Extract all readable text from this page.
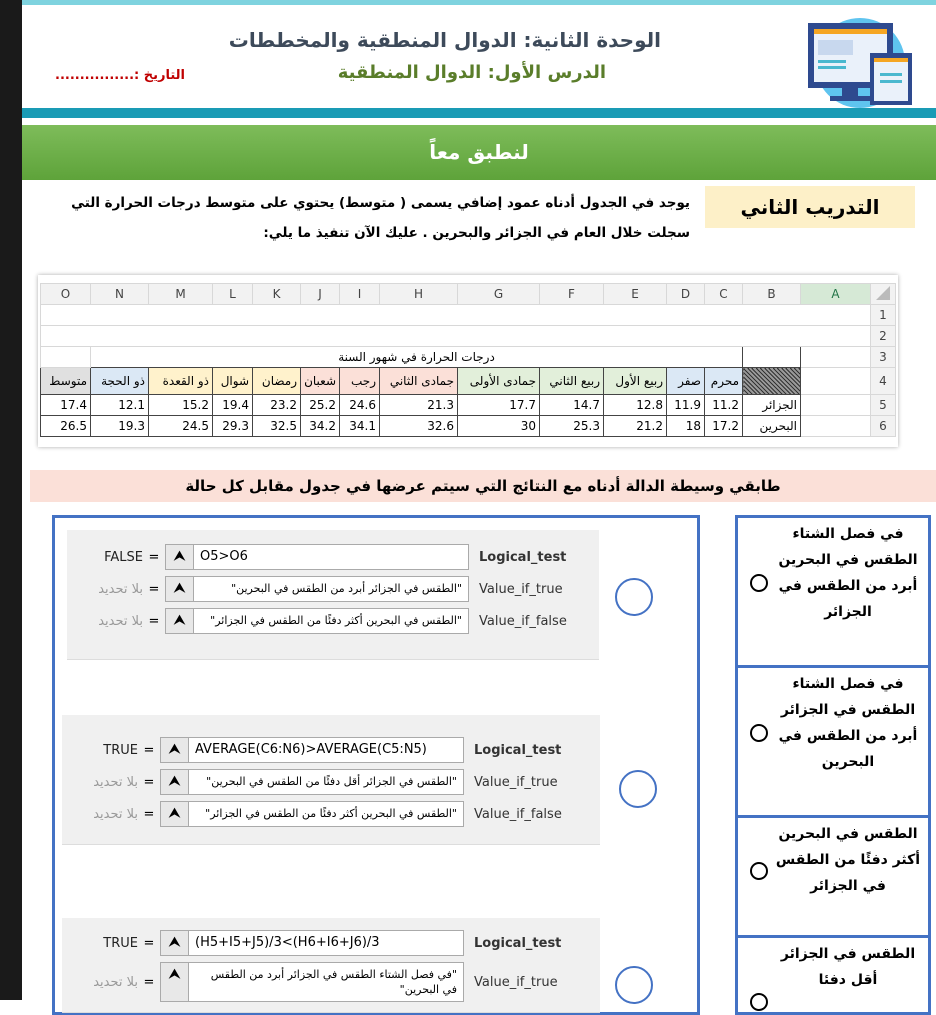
الوحدة الثانية: الدوال المنطقية والمخططات
الدرس الأول: الدوال المنطقية
التاريخ :................
لنطبق معاً
التدريب الثاني
يوجد في الجدول أدناه عمود إضافي يسمى ( متوسط) يحتوي على متوسط درجات الحرارة التي سجلت خلال العام في الجزائر والبحرين . عليك الآن تنفيذ ما يلي:
O	N	M	L	K	J	I	H	G	F	E	D	C	B	A	
															1
															2
	درجات الحرارة في شهور السنة														3
متوسط	ذو الحجة	ذو القعدة	شوال	رمضان	شعبان	رجب	جمادى الثاني	جمادى الأولى	ربيع الثاني	ربيع الأول	صفر	محرم			4
17.4	12.1	15.2	19.4	23.2	25.2	24.6	21.3	17.7	14.7	12.8	11.9	11.2	الجزائر		5
26.5	19.3	24.5	29.3	32.5	34.2	34.1	32.6	30	25.3	21.2	18	17.2	البحرين		6
طابقي وسيطة الدالة أدناه مع النتائج التي سيتم عرضها في جدول مقابل كل حالة
FALSE =	⮝	O5>O6	Logical_test
بلا تحديد =	⮝	"الطقس في الجزائر أبرد من الطقس في البحرين"	Value_if_true
بلا تحديد =	⮝	"الطقس في البحرين أكثر دفئًا من الطقس في الجزائر"	Value_if_false
TRUE =	⮝	AVERAGE(C6:N6)>AVERAGE(C5:N5)	Logical_test
بلا تحديد =	⮝	"الطقس في الجزائر أقل دفئًا من الطقس في البحرين"	Value_if_true
بلا تحديد =	⮝	"الطقس في البحرين أكثر دفئًا من الطقس في الجزائر"	Value_if_false
TRUE =	⮝	(H5+I5+J5)/3<(H6+I6+J6)/3	Logical_test
بلا تحديد =	⮝	"في فصل الشتاء الطقس في الجزائر أبرد من الطقس في البحرين"	Value_if_true
في فصل الشتاء الطقس في البحرين أبرد من الطقس في الجزائر
في فصل الشتاء الطقس في الجزائر أبرد من الطقس في البحرين
الطقس في البحرين أكثر دفئًا من الطقس في الجزائر
الطقس في الجزائر أقل دفئا
